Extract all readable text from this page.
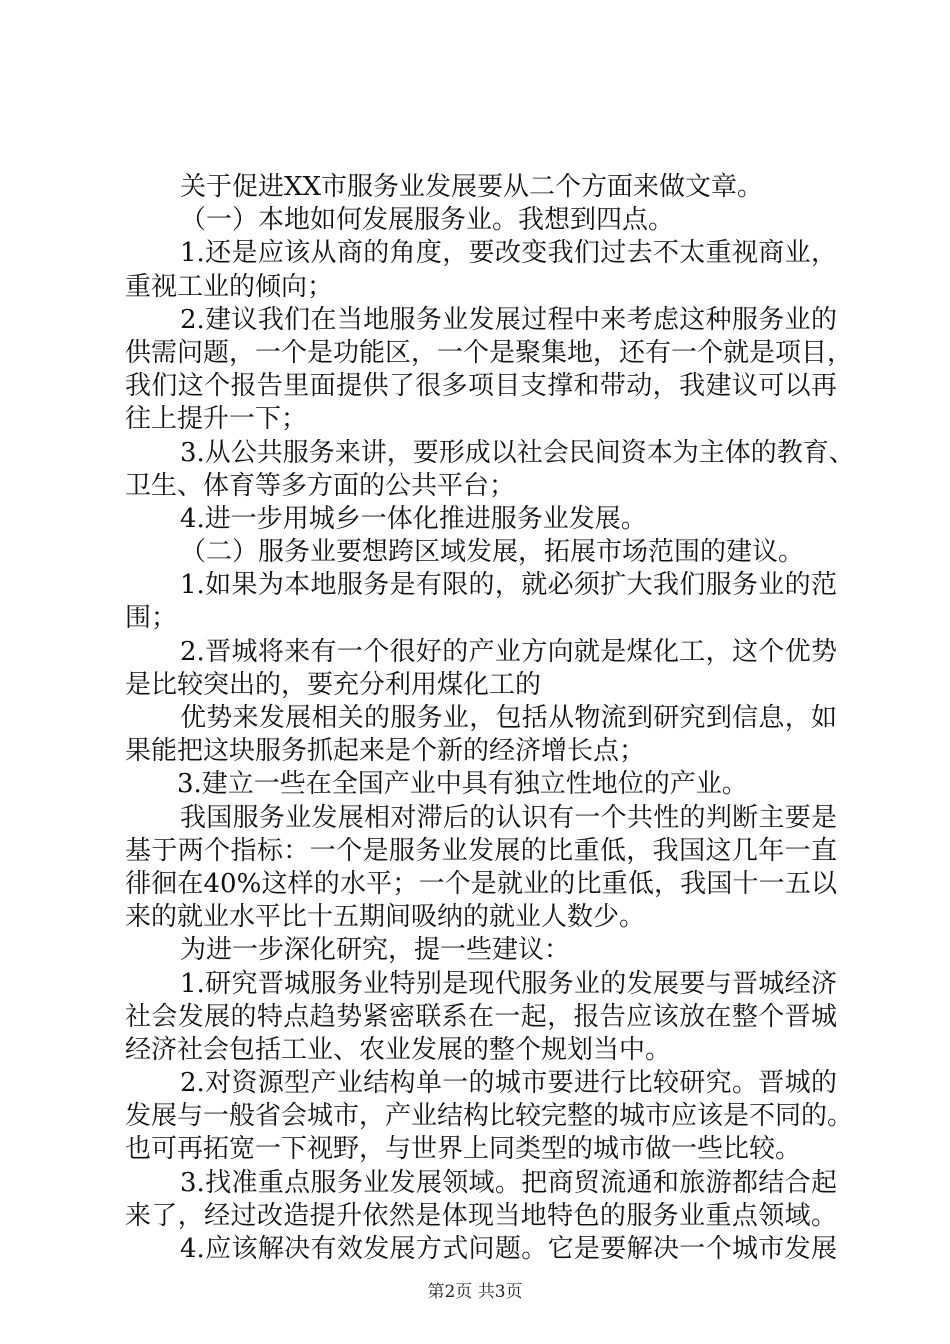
关于促进XX市服务业发展要从二个方面来做文章。
（一）本地如何发展服务业。我想到四点。
1.还是应该从商的角度，要改变我们过去不太重视商业，
重视工业的倾向；
2.建议我们在当地服务业发展过程中来考虑这种服务业的
供需问题，一个是功能区，一个是聚集地，还有一个就是项目，
我们这个报告里面提供了很多项目支撑和带动，我建议可以再
往上提升一下；
3.从公共服务来讲，要形成以社会民间资本为主体的教育、
卫生、体育等多方面的公共平台；
4.进一步用城乡一体化推进服务业发展。
（二）服务业要想跨区域发展，拓展市场范围的建议。
1.如果为本地服务是有限的，就必须扩大我们服务业的范
围；
2.晋城将来有一个很好的产业方向就是煤化工，这个优势
是比较突出的，要充分利用煤化工的
优势来发展相关的服务业，包括从物流到研究到信息，如
果能把这块服务抓起来是个新的经济增长点；
3.建立一些在全国产业中具有独立性地位的产业。
我国服务业发展相对滞后的认识有一个共性的判断主要是
基于两个指标：一个是服务业发展的比重低，我国这几年一直
徘徊在40%这样的水平；一个是就业的比重低，我国十一五以
来的就业水平比十五期间吸纳的就业人数少。
为进一步深化研究，提一些建议：
1.研究晋城服务业特别是现代服务业的发展要与晋城经济
社会发展的特点趋势紧密联系在一起，报告应该放在整个晋城
经济社会包括工业、农业发展的整个规划当中。
2.对资源型产业结构单一的城市要进行比较研究。晋城的
发展与一般省会城市，产业结构比较完整的城市应该是不同的。
也可再拓宽一下视野，与世界上同类型的城市做一些比较。
3.找准重点服务业发展领域。把商贸流通和旅游都结合起
来了，经过改造提升依然是体现当地特色的服务业重点领域。
4.应该解决有效发展方式问题。它是要解决一个城市发展
第2页 共3页
